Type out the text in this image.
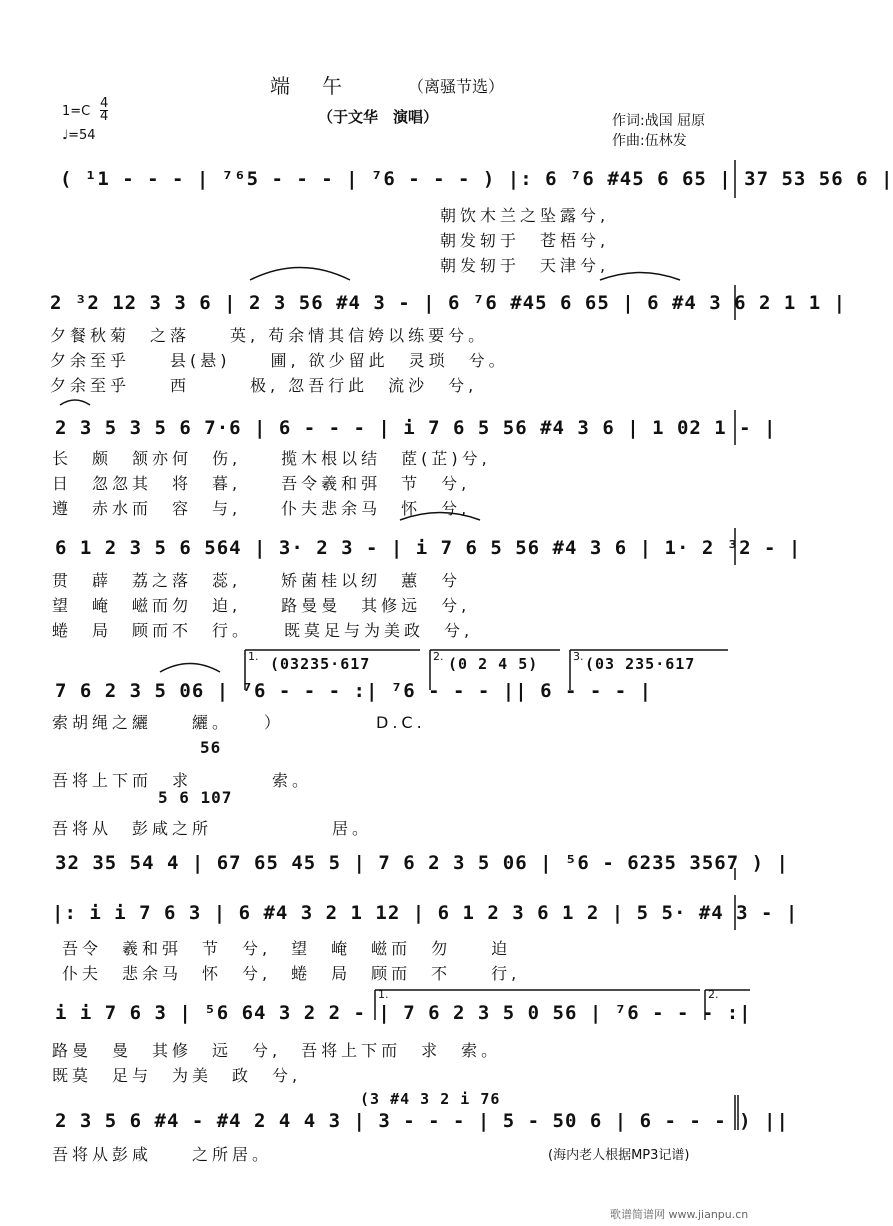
端　午	（离骚节选）
（于文华　演唱）	作词:战国 屈原
作曲:伍林发
1=C
4
4
♩=54
( ¹1 - - - | ⁷⁶5 - - - | ⁷6 - - - ) |: 6 ⁷6 #45 6 65 | 37 53 56 6 |
朝饮木兰之坠露兮,
朝发轫于　苍梧兮,
朝发轫于　天津兮,
2 ³2 12 3 3 6 | 2 3 56 #4 3 - | 6 ⁷6 #45 6 65 | 6 #4 3 6 2 1 1 |
夕餐秋菊　之落　　英, 苟余情其信姱以练要兮。
夕余至乎　　县(悬)　　圃, 欲少留此　灵琐　兮。
夕余至乎　　西　　　极, 忽吾行此　流沙　兮,
2 3 5 3 5 6 7·6 | 6 - - - | i 7 6 5 56 #4 3 6 | 1 02 1 - |
长　颇　颔亦何　伤,　　揽木根以结　茝(芷)兮,
日　忽忽其　将　暮,　　吾令羲和弭　节　兮,
遵　赤水而　容　与,　　仆夫悲余马　怀　兮,
6 1 2 3 5 6 564 | 3· 2 3 - | i 7 6 5 56 #4 3 6 | 1· 2 ³2 - |
贯　薜　荔之落　蕊,　　矫菌桂以纫　蕙　兮
望　崦　嵫而勿　迫,　　路曼曼　其修远　兮,
蜷　局　顾而不　行。　　既莫足与为美政　兮,
1.	2.	3.
(03235·617	(0 2 4 5)	(03 235·617
7 6 2 3 5 06 | ⁷6 - - - :| ⁷6 - - - || 6 - - - |
索胡绳之纚　　纚。　　）　　　　　D.C.
56
吾将上下而　求　　　　索。
5 6 107
吾将从　彭咸之所　　　　　　居。
32 35 54 4 | 67 65 45 5 | 7 6 2 3 5 06 | ⁵6 - 6235 3567 ) |
|: i i 7 6 3 | 6 #4 3 2 1 12 | 6 1 2 3 6 1 2 | 5 5· #4 3 - |
吾令　羲和弭　节　兮,　望　崦　嵫而　勿　　迫
仆夫　悲余马　怀　兮,　蜷　局　顾而　不　　行,
1.	2.
i i 7 6 3 | ⁵6 64 3 2 2 - | 7 6 2 3 5 0 56 | ⁷6 - - - :|
路曼　曼　其修　远　兮,　吾将上下而　求　索。
既莫　足与　为美　政　兮,
(3 #4 3 2 i 76
2 3 5 6 #4 - #4 2 4 4 3 | 3 - - - | 5 - 50 6 | 6 - - - ) ||
吾将从彭咸　　之所居。	(海内老人根据MP3记谱)
歌谱简谱网 www.jianpu.cn
